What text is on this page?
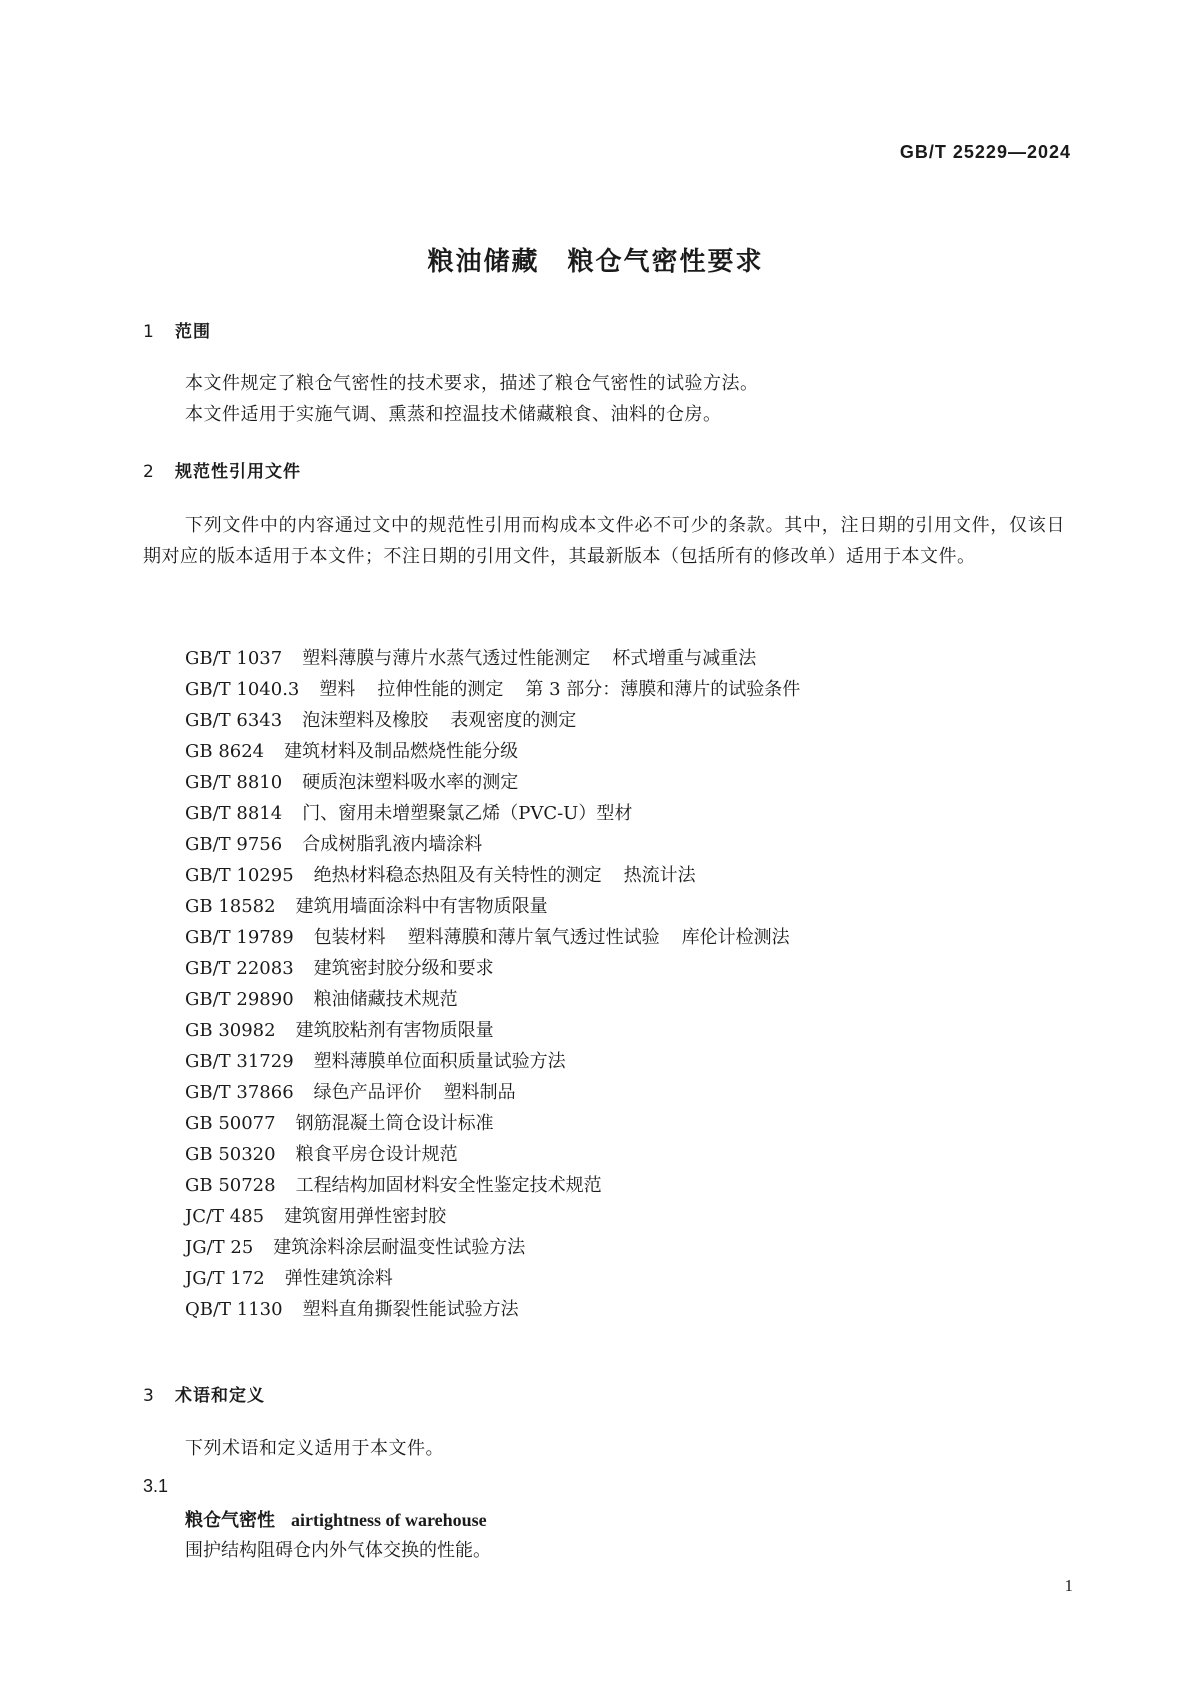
GB/T 25229—2024
粮油储藏 粮仓气密性要求
1 范围
本文件规定了粮仓气密性的技术要求，描述了粮仓气密性的试验方法。
本文件适用于实施气调、熏蒸和控温技术储藏粮食、油料的仓房。
2 规范性引用文件
下列文件中的内容通过文中的规范性引用而构成本文件必不可少的条款。其中，注日期的引用文件，仅该日期对应的版本适用于本文件；不注日期的引用文件，其最新版本（包括所有的修改单）适用于本文件。
GB/T 1037 塑料薄膜与薄片水蒸气透过性能测定 杯式增重与减重法
GB/T 1040.3 塑料 拉伸性能的测定 第 3 部分：薄膜和薄片的试验条件
GB/T 6343 泡沫塑料及橡胶 表观密度的测定
GB 8624 建筑材料及制品燃烧性能分级
GB/T 8810 硬质泡沫塑料吸水率的测定
GB/T 8814 门、窗用未增塑聚氯乙烯（PVC-U）型材
GB/T 9756 合成树脂乳液内墙涂料
GB/T 10295 绝热材料稳态热阻及有关特性的测定 热流计法
GB 18582 建筑用墙面涂料中有害物质限量
GB/T 19789 包装材料 塑料薄膜和薄片氧气透过性试验 库伦计检测法
GB/T 22083 建筑密封胶分级和要求
GB/T 29890 粮油储藏技术规范
GB 30982 建筑胶粘剂有害物质限量
GB/T 31729 塑料薄膜单位面积质量试验方法
GB/T 37866 绿色产品评价 塑料制品
GB 50077 钢筋混凝土筒仓设计标准
GB 50320 粮食平房仓设计规范
GB 50728 工程结构加固材料安全性鉴定技术规范
JC/T 485 建筑窗用弹性密封胶
JG/T 25 建筑涂料涂层耐温变性试验方法
JG/T 172 弹性建筑涂料
QB/T 1130 塑料直角撕裂性能试验方法
3 术语和定义
下列术语和定义适用于本文件。
3.1
粮仓气密性 airtightness of warehouse
围护结构阻碍仓内外气体交换的性能。
1
